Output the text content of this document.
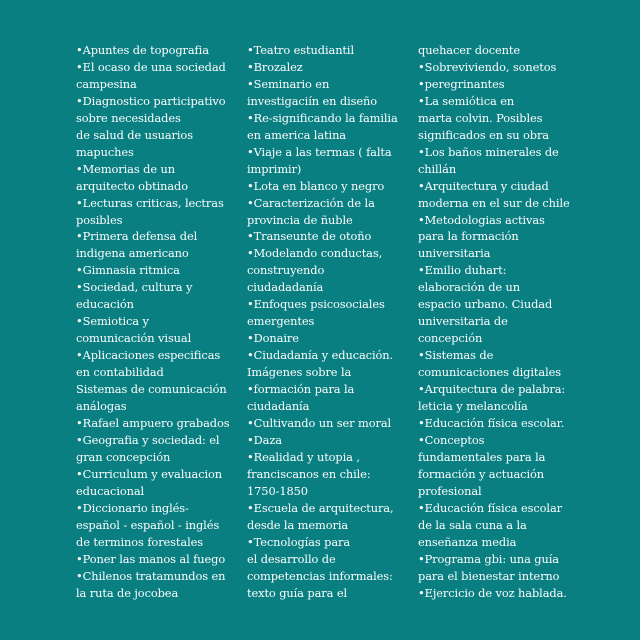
•Apuntes de topografia
•El ocaso de una sociedad
campesina
•Diagnostico participativo
sobre necesidades
de salud de usuarios
mapuches
•Memorias de un
arquitecto obtinado
•Lecturas criticas, lectras
posibles
•Primera defensa del
indigena americano
•Gimnasia ritmica
•Sociedad, cultura y
educación
•Semiotica y
comunicación visual
•Aplicaciones especificas
en contabilidad
Sistemas de comunicación
análogas
•Rafael ampuero grabados
•Geografia y sociedad: el
gran concepción
•Curriculum y evaluacion
educacional
•Diccionario inglés-
español - español - inglés
de terminos forestales
•Poner las manos al fuego
•Chilenos tratamundos en
la ruta de jocobea
•Teatro estudiantil
•Brozalez
•Seminario en
investigaciín en diseño
•Re-significando la familia
en america latina
•Viaje a las termas ( falta
imprimir)
•Lota en blanco y negro
•Caracterización de la
provincia de ñuble
•Transeunte de otoño
•Modelando conductas,
construyendo
ciudadadanía
•Enfoques psicosociales
emergentes
•Donaire
•Ciudadanía y educación.
Imágenes sobre la
•formación para la
ciudadanía
•Cultivando un ser moral
•Daza
•Realidad y utopia ,
franciscanos en chile:
1750-1850
•Escuela de arquitectura,
desde la memoria
•Tecnologías para
el desarrollo de
competencias informales:
texto guía para el
quehacer docente
•Sobreviviendo, sonetos
•peregrinantes
•La semiótica en
marta colvin. Posibles
significados en su obra
•Los baños minerales de
chillán
•Arquitectura y ciudad
moderna en el sur de chile
•Metodologias activas
para la formación
universitaria
•Emilio duhart:
elaboración de un
espacio urbano. Ciudad
universitaria de
concepción
•Sistemas de
comunicaciones digitales
•Arquitectura de palabra:
leticia y melancolía
•Educación física escolar.
•Conceptos
fundamentales para la
formación y actuación
profesional
•Educación física escolar
de la sala cuna a la
enseñanza media
•Programa gbi: una guía
para el bienestar interno
•Ejercicio de voz hablada.
